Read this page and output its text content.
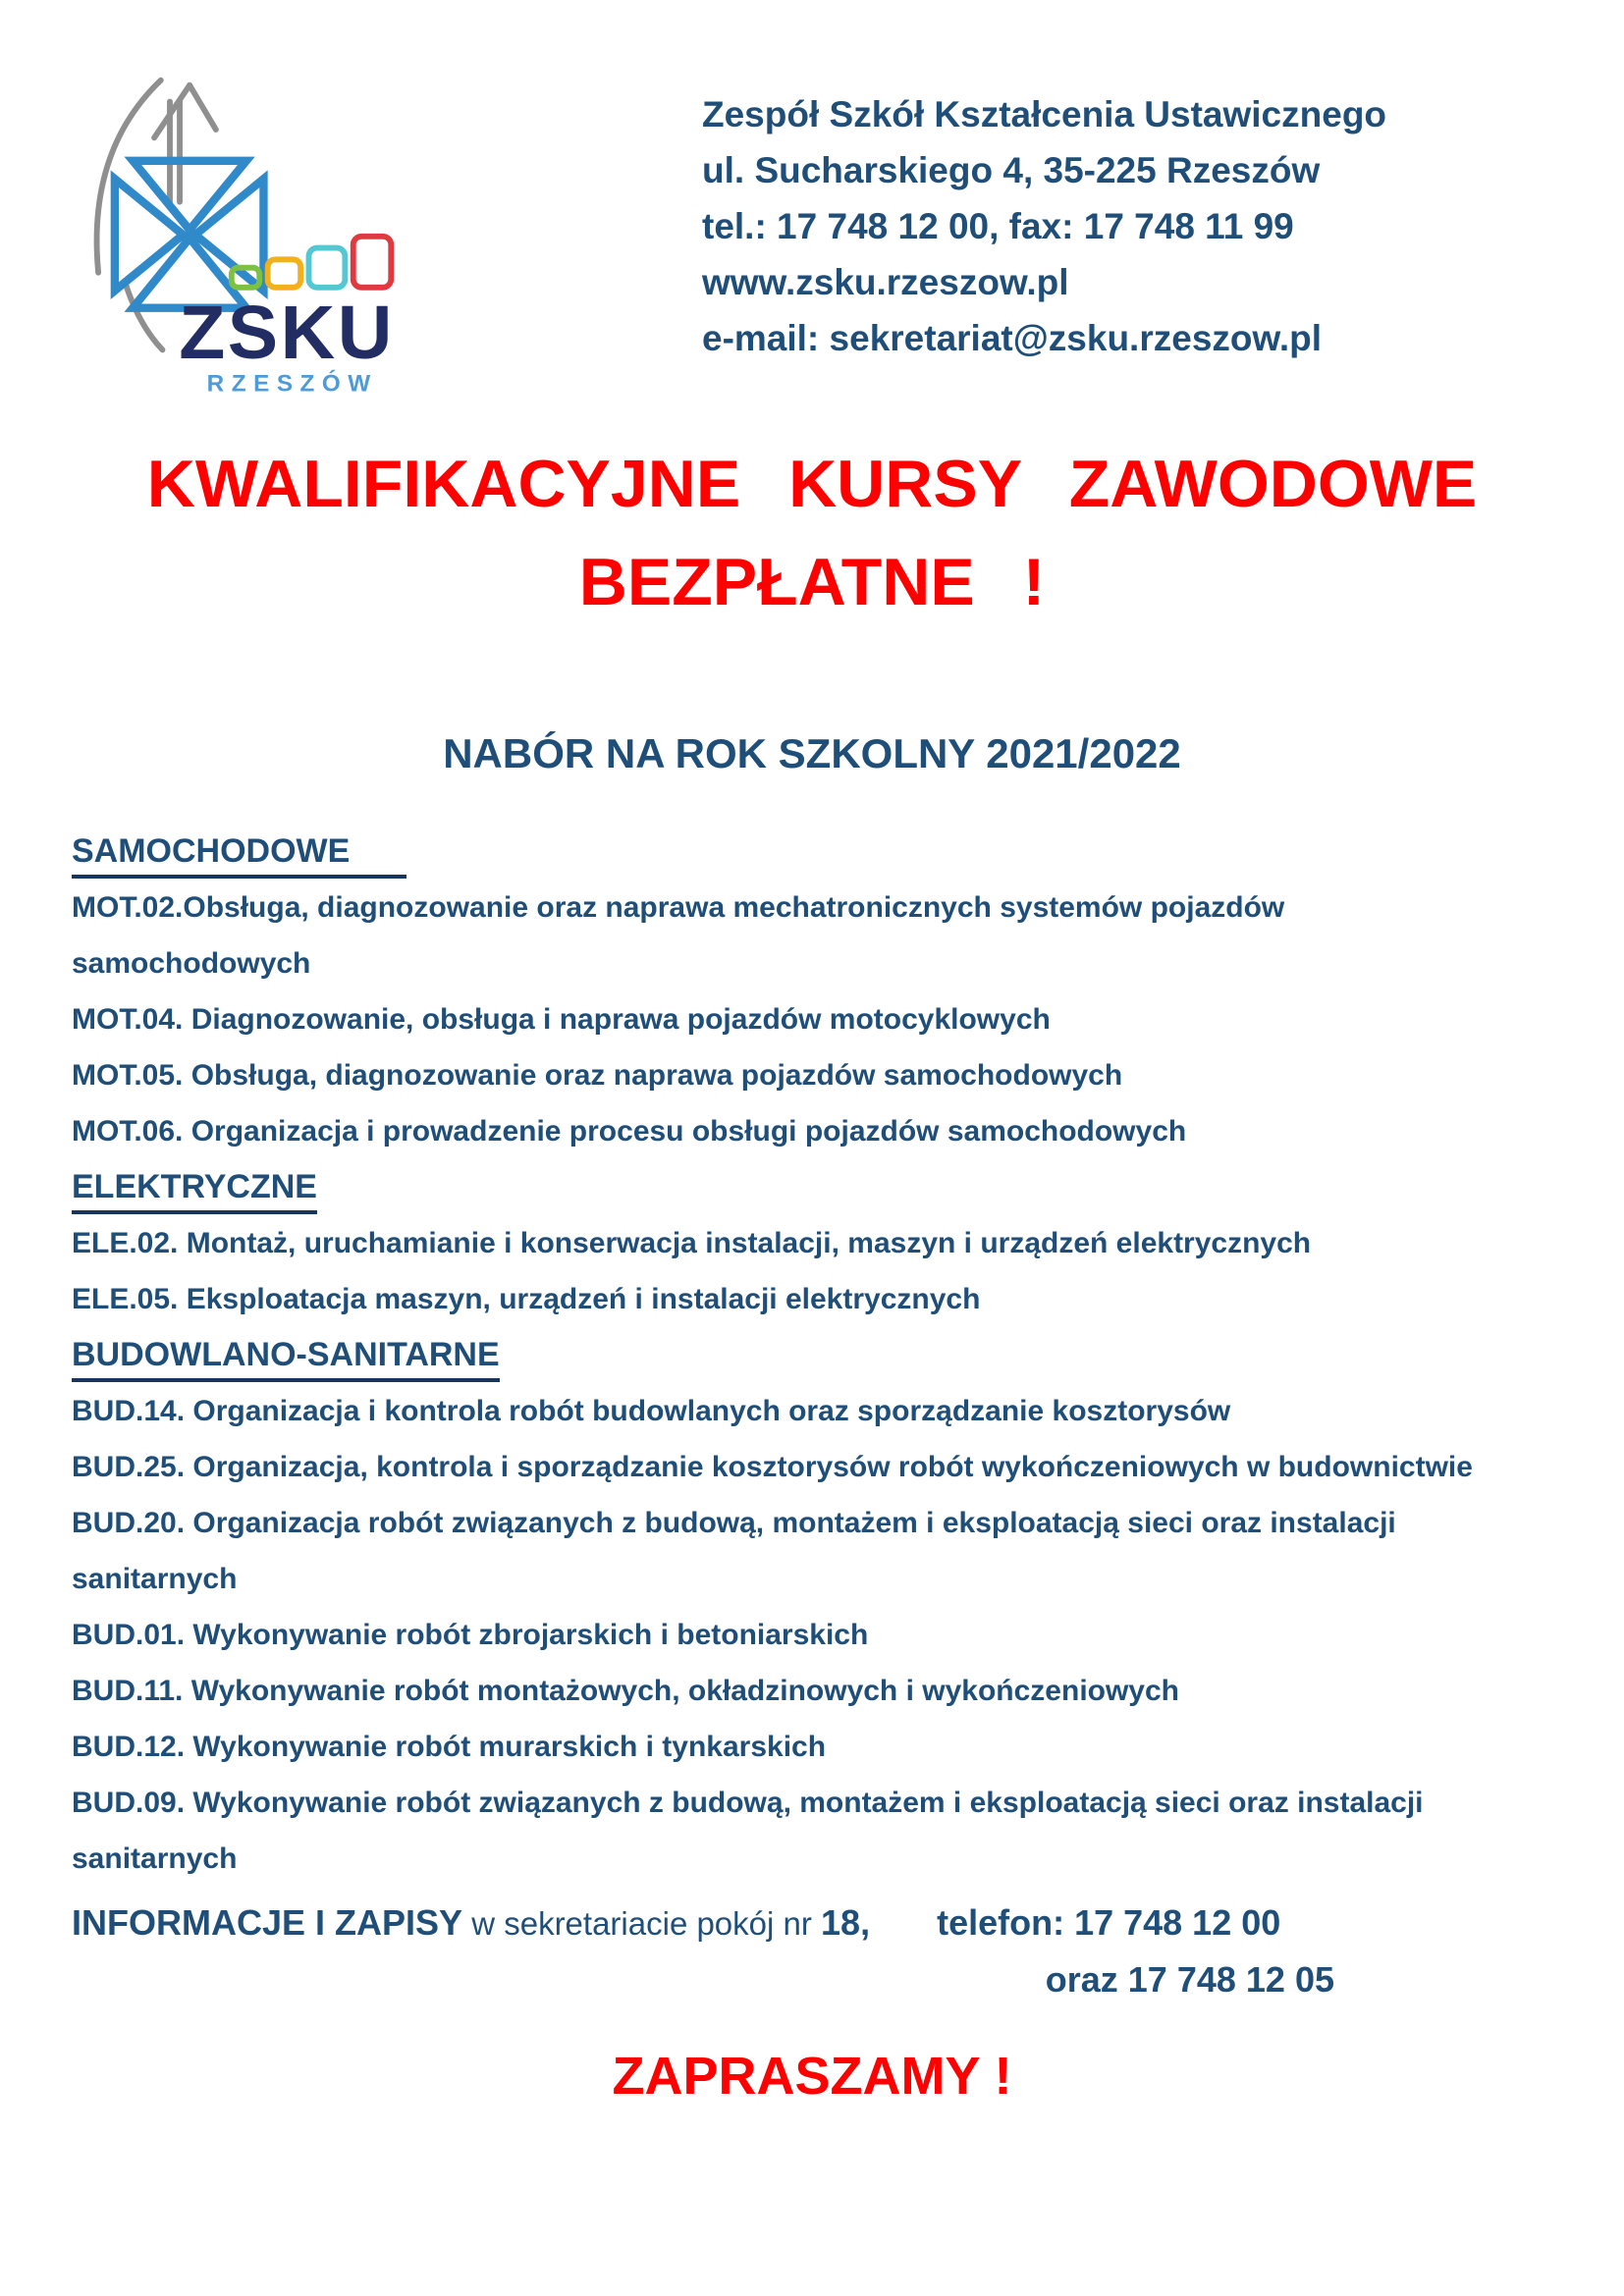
ZSKU
RZESZÓW
Zespół Szkół Kształcenia Ustawicznego
ul. Sucharskiego 4, 35-225 Rzeszów
tel.: 17 748 12 00, fax: 17 748 11 99
www.zsku.rzeszow.pl
e-mail: sekretariat@zsku.rzeszow.pl
KWALIFIKACYJNE KURSY ZAWODOWE
BEZPŁATNE !
NABÓR NA ROK SZKOLNY 2021/2022

SAMOCHODOWE

MOT.02.Obsługa, diagnozowanie oraz naprawa mechatronicznych systemów pojazdów samochodowych

MOT.04. Diagnozowanie, obsługa i naprawa pojazdów motocyklowych

MOT.05. Obsługa, diagnozowanie oraz naprawa pojazdów samochodowych

MOT.06. Organizacja i prowadzenie procesu obsługi pojazdów samochodowych

ELEKTRYCZNE

ELE.02. Montaż, uruchamianie i konserwacja instalacji, maszyn i urządzeń elektrycznych

ELE.05. Eksploatacja maszyn, urządzeń i instalacji elektrycznych

BUDOWLANO-SANITARNE

BUD.14. Organizacja i kontrola robót budowlanych oraz sporządzanie kosztorysów

BUD.25. Organizacja, kontrola i sporządzanie kosztorysów robót wykończeniowych w budownictwie

BUD.20. Organizacja robót związanych z budową, montażem i eksploatacją sieci oraz instalacji sanitarnych

BUD.01. Wykonywanie robót zbrojarskich i betoniarskich

BUD.11. Wykonywanie robót montażowych, okładzinowych i wykończeniowych

BUD.12. Wykonywanie robót murarskich i tynkarskich

BUD.09. Wykonywanie robót związanych z budową, montażem i eksploatacją sieci oraz instalacji sanitarnych

INFORMACJE I ZAPISY w sekretariacie pokój nr 18, telefon: 17 748 12 00

oraz 17 748 12 05

ZAPRASZAMY !
